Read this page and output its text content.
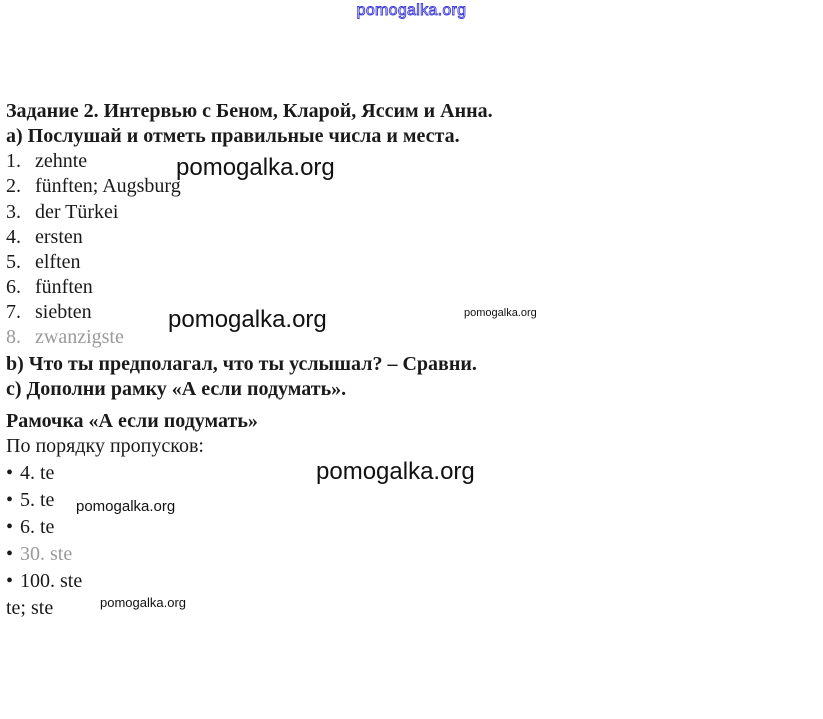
pomogalka.org
Задание 2. Интервью с Беном, Кларой, Яссим и Анна.
a) Послушай и отметь правильные числа и места.
1. zehnte
2. fünften; Augsburg
3. der Türkei
4. ersten
5. elften
6. fünften
7. siebten
8. zwanzigste
b) Что ты предполагал, что ты услышал? – Сравни.
c) Дополни рамку «А если подумать».
Рамочка «А если подумать»
По порядку пропусков:
• 4. te
• 5. te
• 6. te
• 30. ste
• 100. ste
te; ste
pomogalka.org
pomogalka.org	pomogalka.org
pomogalka.org
pomogalka.org
pomogalka.org
